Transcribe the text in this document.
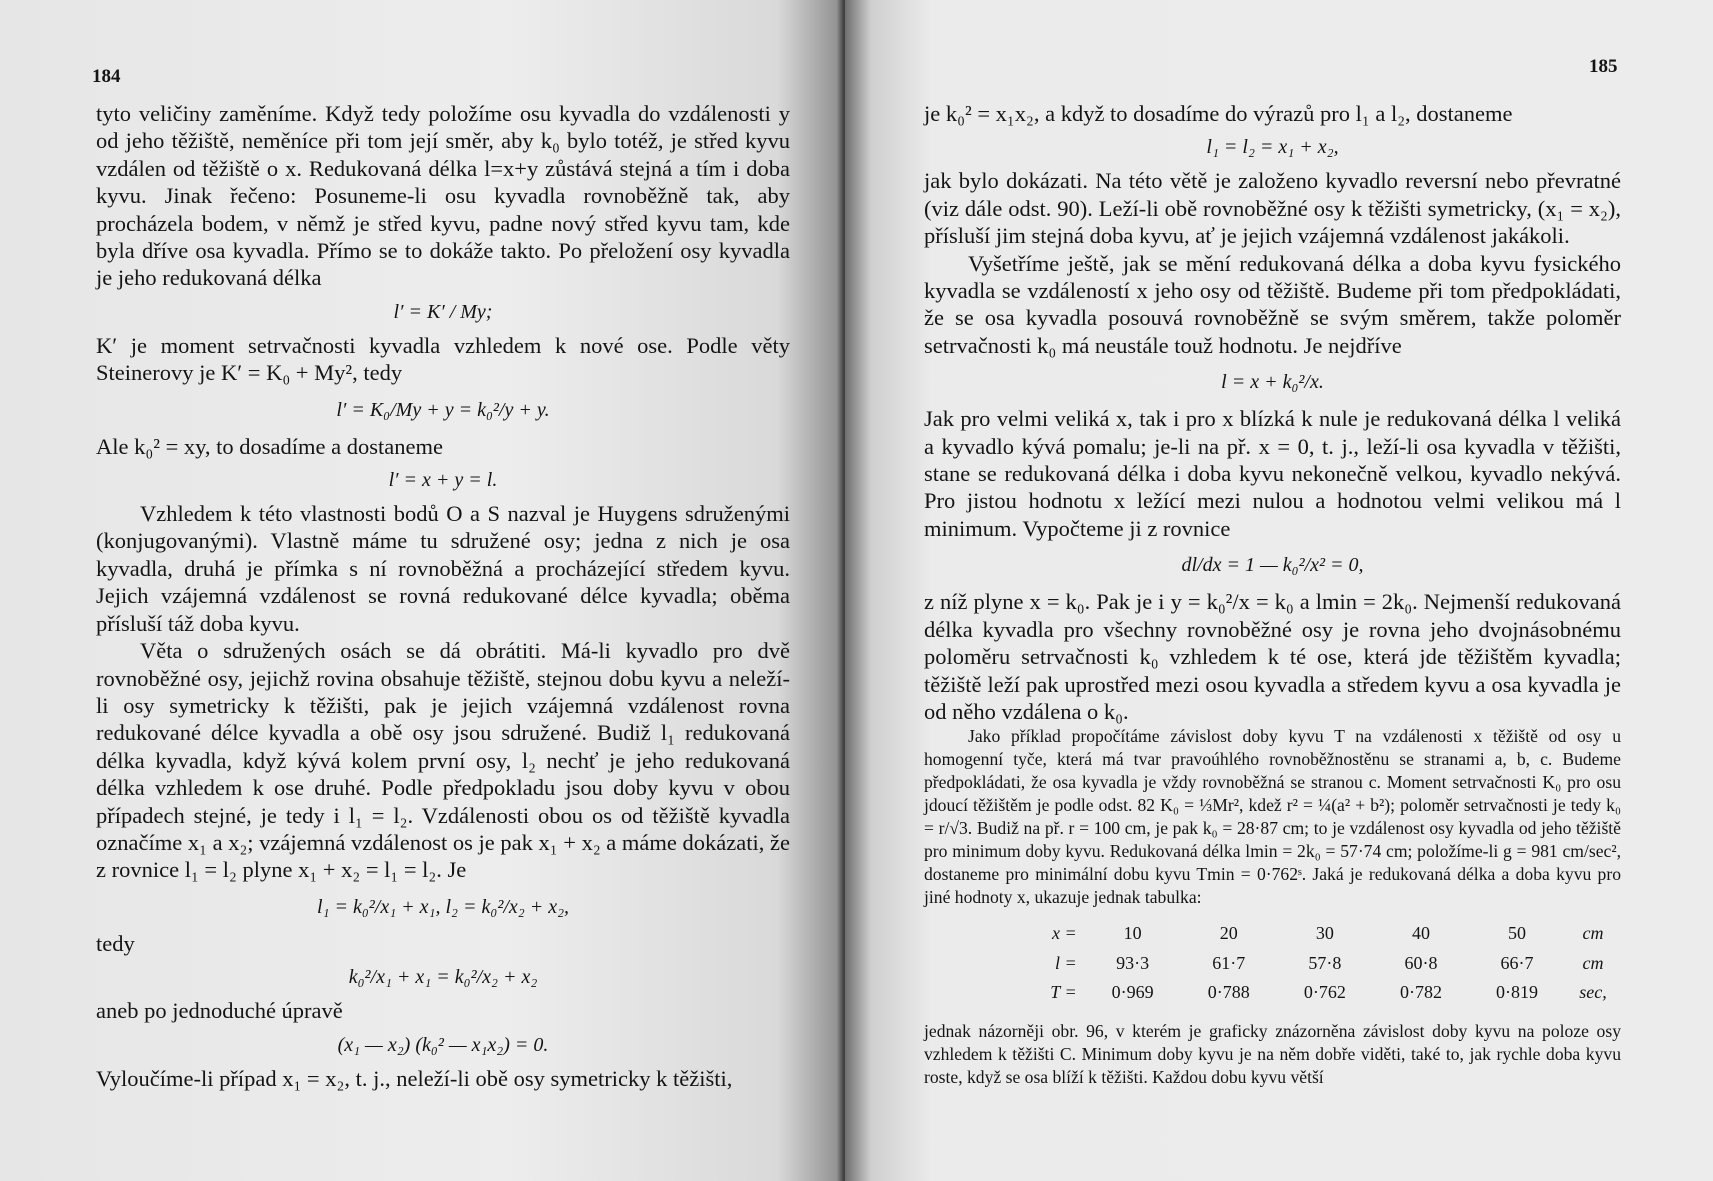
184

tyto veličiny zaměníme. Když tedy položíme osu kyvadla do vzdálenosti y od jeho těžiště, neměníce při tom její směr, aby k₀ bylo totéž, je střed kyvu vzdálen od těžiště o x. Redukovaná délka l=x+y zůstává stejná a tím i doba kyvu. Jinak řečeno: Posuneme-li osu kyvadla rovnoběžně tak, aby procházela bodem, v němž je střed kyvu, padne nový střed kyvu tam, kde byla dříve osa kyvadla. Přímo se to dokáže takto. Po přeložení osy kyvadla je jeho redukovaná délka

l′ = K′ / My;

K′ je moment setrvačnosti kyvadla vzhledem k nové ose. Podle věty Steinerovy je K′ = K₀ + My², tedy

l′ = K₀/My + y = k₀²/y + y.

Ale k₀² = xy, to dosadíme a dostaneme

l′ = x + y = l.

Vzhledem k této vlastnosti bodů O a S nazval je Huygens sdruženými (konjugovanými). Vlastně máme tu sdružené osy; jedna z nich je osa kyvadla, druhá je přímka s ní rovnoběžná a procházející středem kyvu. Jejich vzájemná vzdálenost se rovná redukované délce kyvadla; oběma přísluší táž doba kyvu.

Věta o sdružených osách se dá obrátiti. Má-li kyvadlo pro dvě rovnoběžné osy, jejichž rovina obsahuje těžiště, stejnou dobu kyvu a neleží-li osy symetricky k těžišti, pak je jejich vzájemná vzdálenost rovna redukované délce kyvadla a obě osy jsou sdružené. Budiž l₁ redukovaná délka kyvadla, když kývá kolem první osy, l₂ nechť je jeho redukovaná délka vzhledem k ose druhé. Podle předpokladu jsou doby kyvu v obou případech stejné, je tedy i l₁ = l₂. Vzdálenosti obou os od těžiště kyvadla označíme x₁ a x₂; vzájemná vzdálenost os je pak x₁ + x₂ a máme dokázati, že z rovnice l₁ = l₂ plyne x₁ + x₂ = l₁ = l₂. Je

l₁ = k₀²/x₁ + x₁, l₂ = k₀²/x₂ + x₂,

tedy

k₀²/x₁ + x₁ = k₀²/x₂ + x₂

aneb po jednoduché úpravě

(x₁ — x₂) (k₀² — x₁x₂) = 0.

Vyloučíme-li případ x₁ = x₂, t. j., neleží-li obě osy symetricky k těžišti,

185

je k₀² = x₁x₂, a když to dosadíme do výrazů pro l₁ a l₂, dostaneme

l₁ = l₂ = x₁ + x₂,

jak bylo dokázati. Na této větě je založeno kyvadlo reversní nebo převratné (viz dále odst. 90). Leží-li obě rovnoběžné osy k těžišti symetricky, (x₁ = x₂), přísluší jim stejná doba kyvu, ať je jejich vzájemná vzdálenost jakákoli.

Vyšetříme ještě, jak se mění redukovaná délka a doba kyvu fysického kyvadla se vzdáleností x jeho osy od těžiště. Budeme při tom předpokládati, že se osa kyvadla posouvá rovnoběžně se svým směrem, takže poloměr setrvačnosti k₀ má neustále touž hodnotu. Je nejdříve

l = x + k₀²/x.

Jak pro velmi veliká x, tak i pro x blízká k nule je redukovaná délka l veliká a kyvadlo kývá pomalu; je-li na př. x = 0, t. j., leží-li osa kyvadla v těžišti, stane se redukovaná délka i doba kyvu nekonečně velkou, kyvadlo nekývá. Pro jistou hodnotu x ležící mezi nulou a hodnotou velmi velikou má l minimum. Vypočteme ji z rovnice

dl/dx = 1 — k₀²/x² = 0,

z níž plyne x = k₀. Pak je i y = k₀²/x = k₀ a lmin = 2k₀. Nejmenší redukovaná délka kyvadla pro všechny rovnoběžné osy je rovna jeho dvojnásobnému poloměru setrvačnosti k₀ vzhledem k té ose, která jde těžištěm kyvadla; těžiště leží pak uprostřed mezi osou kyvadla a středem kyvu a osa kyvadla je od něho vzdálena o k₀.

Jako příklad propočítáme závislost doby kyvu T na vzdálenosti x těžiště od osy u homogenní tyče, která má tvar pravoúhlého rovnoběžnostěnu se stranami a, b, c. Budeme předpokládati, že osa kyvadla je vždy rovnoběžná se stranou c. Moment setrvačnosti K₀ pro osu jdoucí těžištěm je podle odst. 82 K₀ = ⅓Mr², kdež r² = ¼(a² + b²); poloměr setrvačnosti je tedy k₀ = r/√3. Budiž na př. r = 100 cm, je pak k₀ = 28·87 cm; to je vzdálenost osy kyvadla od jeho těžiště pro minimum doby kyvu. Redukovaná délka lmin = 2k₀ = 57·74 cm; položíme-li g = 981 cm/sec², dostaneme pro minimální dobu kyvu Tmin = 0·762ˢ. Jaká je redukovaná délka a doba kyvu pro jiné hodnoty x, ukazuje jednak tabulka:

x =	10	20	30	40	50	cm
l =	93·3	61·7	57·8	60·8	66·7	cm
T =	0·969	0·788	0·762	0·782	0·819	sec,

jednak názorněji obr. 96, v kterém je graficky znázorněna závislost doby kyvu na poloze osy vzhledem k těžišti C. Minimum doby kyvu je na něm dobře viděti, také to, jak rychle doba kyvu roste, když se osa blíží k těžišti. Každou dobu kyvu větší
